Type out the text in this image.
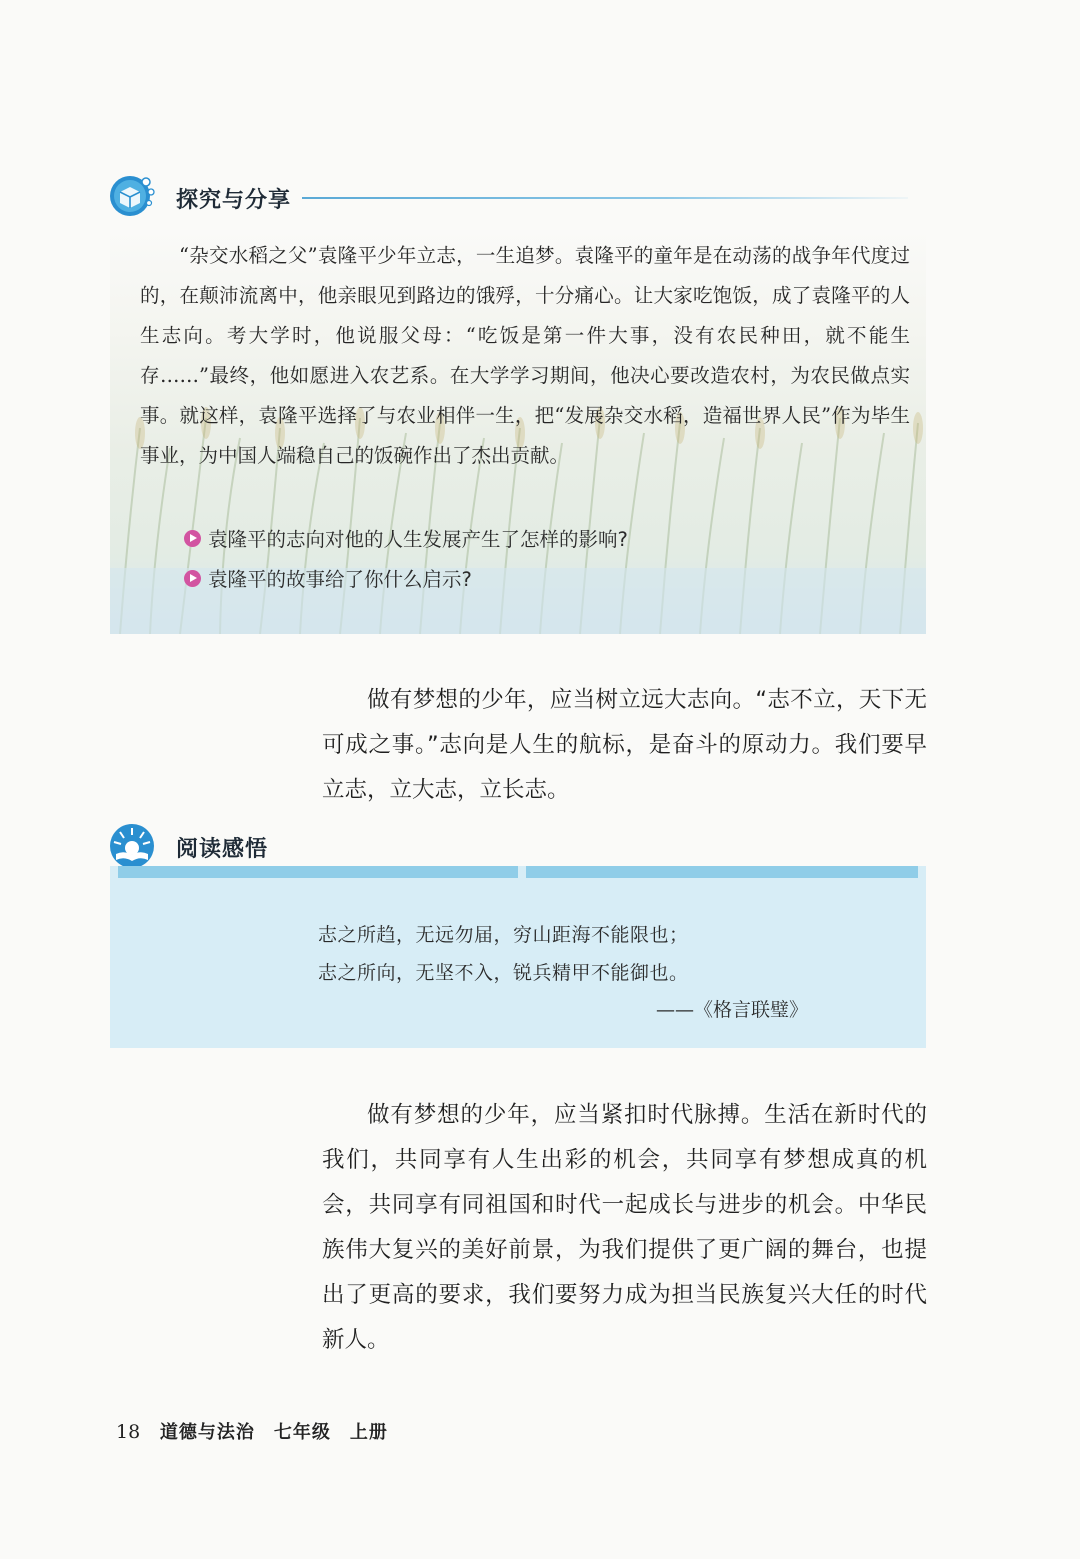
探究与分享
“杂交水稻之父”袁隆平少年立志，一生追梦。袁隆平的童年是在动荡的战争年代度过的，在颠沛流离中，他亲眼见到路边的饿殍，十分痛心。让大家吃饱饭，成了袁隆平的人生志向。考大学时，他说服父母：“吃饭是第一件大事，没有农民种田，就不能生存……”最终，他如愿进入农艺系。在大学学习期间，他决心要改造农村，为农民做点实事。就这样，袁隆平选择了与农业相伴一生，把“发展杂交水稻，造福世界人民”作为毕生事业，为中国人端稳自己的饭碗作出了杰出贡献。
袁隆平的志向对他的人生发展产生了怎样的影响?
袁隆平的故事给了你什么启示?
做有梦想的少年，应当树立远大志向。“志不立，天下无可成之事。”志向是人生的航标，是奋斗的原动力。我们要早立志，立大志，立长志。
阅读感悟
志之所趋，无远勿届，穷山距海不能限也；
志之所向，无坚不入，锐兵精甲不能御也。
——《格言联璧》
做有梦想的少年，应当紧扣时代脉搏。生活在新时代的我们，共同享有人生出彩的机会，共同享有梦想成真的机会，共同享有同祖国和时代一起成长与进步的机会。中华民族伟大复兴的美好前景，为我们提供了更广阔的舞台，也提出了更高的要求，我们要努力成为担当民族复兴大任的时代新人。
18 道德与法治　七年级　上册
